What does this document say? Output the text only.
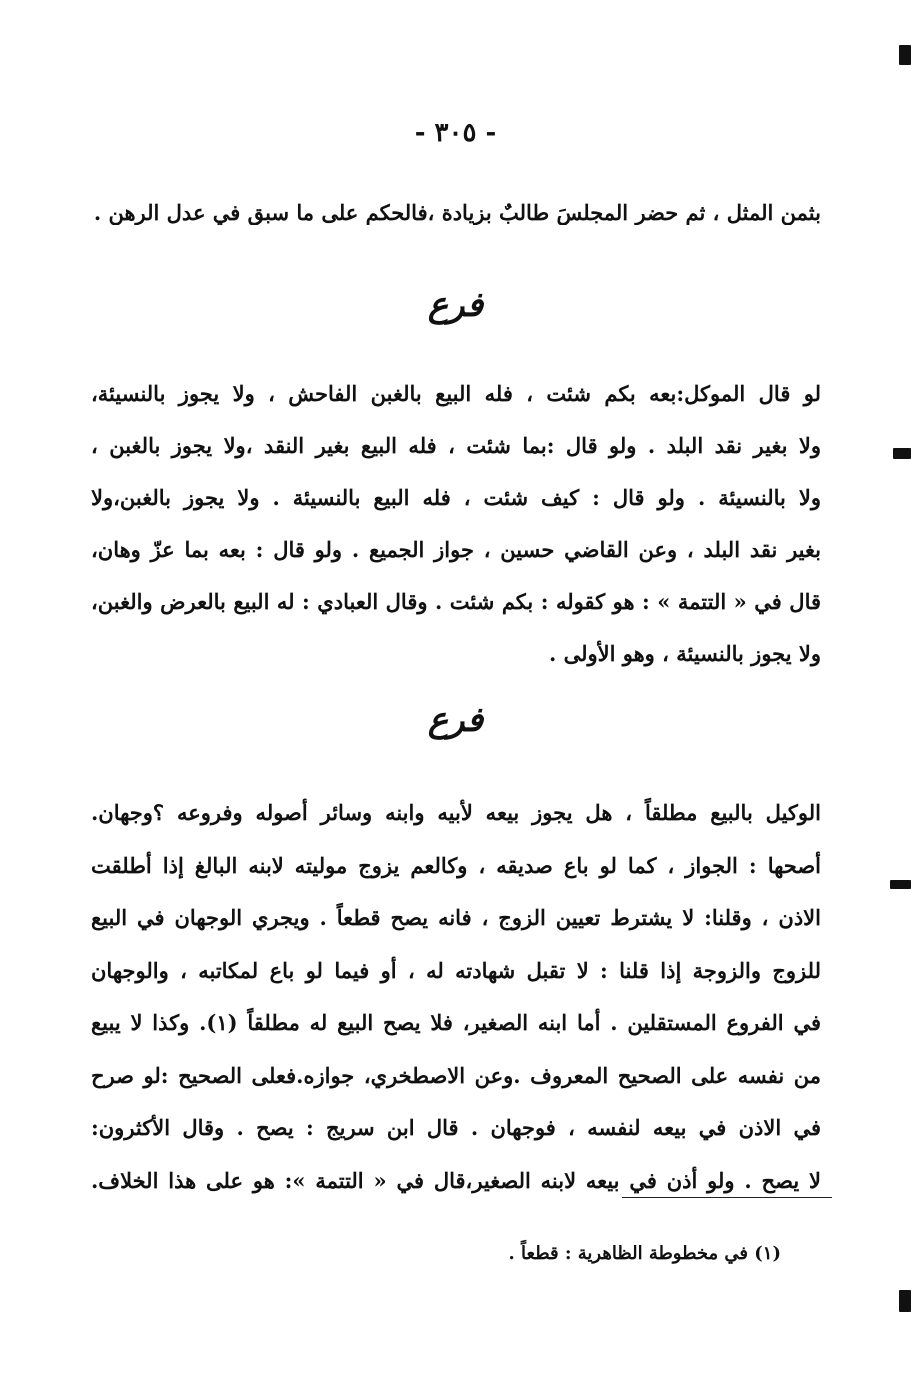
- ٣٠٥ -
بثمن المثل ، ثم حضر المجلسَ طالبٌ بزيادة ،فالحكم على ما سبق في عدل الرهن .
فرع
لو قال الموكل:بعه بكم شئت ، فله البيع بالغبن الفاحش ، ولا يجوز بالنسيئة،
ولا بغير نقد البلد . ولو قال :بما شئت ، فله البيع بغير النقد ،ولا يجوز بالغبن ،
ولا بالنسيئة . ولو قال : كيف شئت ، فله البيع بالنسيئة . ولا يجوز بالغبن،ولا
بغير نقد البلد ، وعن القاضي حسين ، جواز الجميع . ولو قال : بعه بما عزّ وهان،
قال في « التتمة » : هو كقوله : بكم شئت . وقال العبادي : له البيع بالعرض والغبن،
ولا يجوز بالنسيئة ، وهو الأولى .
فرع
الوكيل بالبيع مطلقاً ، هل يجوز بيعه لأبيه وابنه وسائر أصوله وفروعه ؟وجهان.
أصحها : الجواز ، كما لو باع صديقه ، وكالعم يزوج موليته لابنه البالغ إذا أطلقت
الاذن ، وقلنا: لا يشترط تعيين الزوج ، فانه يصح قطعاً . ويجري الوجهان في البيع
للزوج والزوجة إذا قلنا : لا تقبل شهادته له ، أو فيما لو باع لمكاتبه ، والوجهان
في الفروع المستقلين . أما ابنه الصغير، فلا يصح البيع له مطلقاً (١). وكذا لا يبيع
من نفسه على الصحيح المعروف .وعن الاصطخري، جوازه.فعلى الصحيح :لو صرح
في الاذن في بيعه لنفسه ، فوجهان . قال ابن سريج : يصح . وقال الأكثرون:
لا يصح . ولو أذن في بيعه لابنه الصغير،قال في « التتمة »: هو على هذا الخلاف.
(١) في مخطوطة الظاهرية : قطعاً .
